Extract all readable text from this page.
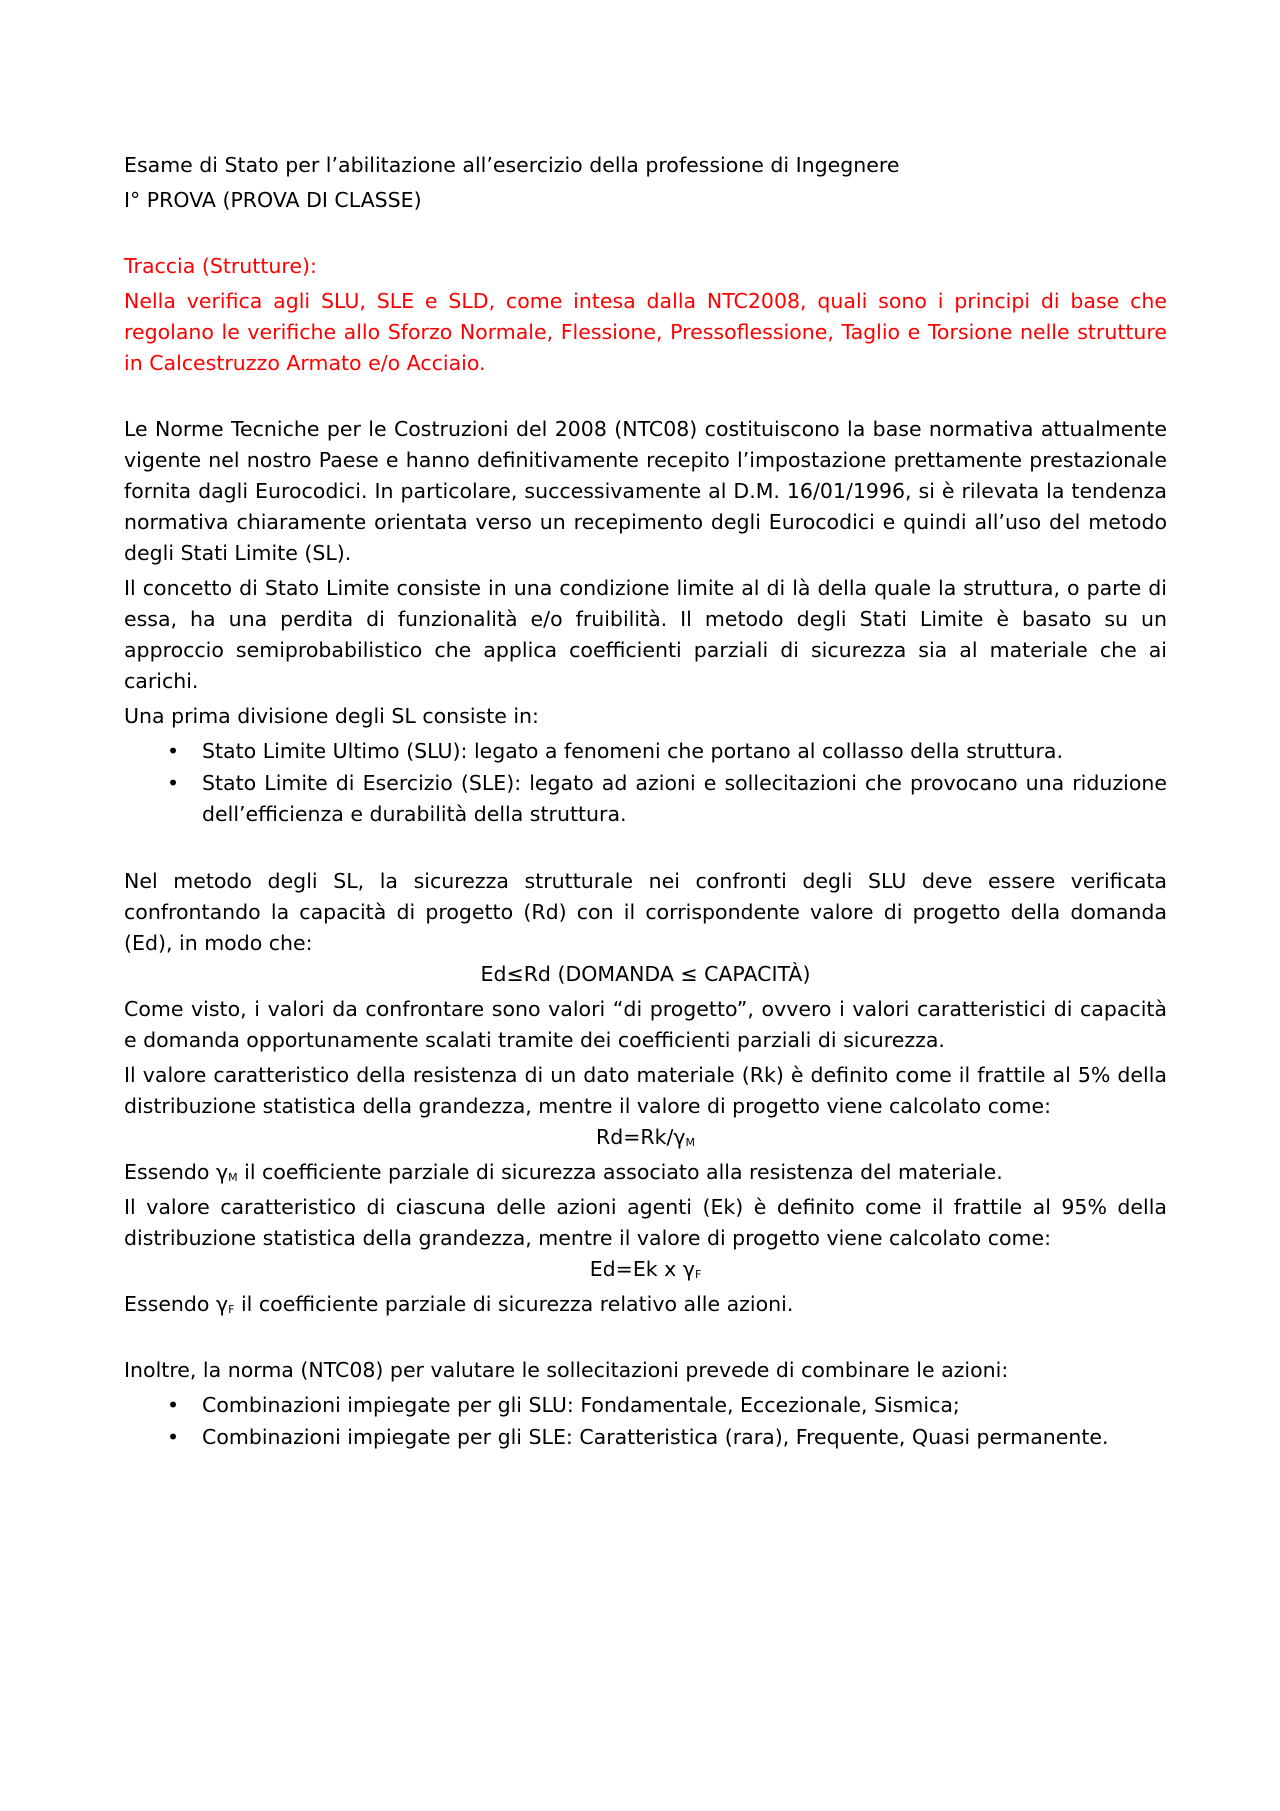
Esame di Stato per l’abilitazione all’esercizio della professione di Ingegnere

I° PROVA (PROVA DI CLASSE)

Traccia (Strutture):

Nella verifica agli SLU, SLE e SLD, come intesa dalla NTC2008, quali sono i principi di base che regolano le verifiche allo Sforzo Normale, Flessione, Pressoflessione, Taglio e Torsione nelle strutture in Calcestruzzo Armato e/o Acciaio.

Le Norme Tecniche per le Costruzioni del 2008 (NTC08) costituiscono la base normativa attualmente vigente nel nostro Paese e hanno definitivamente recepito l’impostazione prettamente prestazionale fornita dagli Eurocodici. In particolare, successivamente al D.M. 16/01/1996, si è rilevata la tendenza normativa chiaramente orientata verso un recepimento degli Eurocodici e quindi all’uso del metodo degli Stati Limite (SL).

Il concetto di Stato Limite consiste in una condizione limite al di là della quale la struttura, o parte di essa, ha una perdita di funzionalità e/o fruibilità. Il metodo degli Stati Limite è basato su un approccio semiprobabilistico che applica coefficienti parziali di sicurezza sia al materiale che ai carichi.

Una prima divisione degli SL consiste in:

• Stato Limite Ultimo (SLU): legato a fenomeni che portano al collasso della struttura.
• Stato Limite di Esercizio (SLE): legato ad azioni e sollecitazioni che provocano una riduzione dell’efficienza e durabilità della struttura.

Nel metodo degli SL, la sicurezza strutturale nei confronti degli SLU deve essere verificata confrontando la capacità di progetto (Rd) con il corrispondente valore di progetto della domanda (Ed), in modo che:

Ed≤Rd (DOMANDA ≤ CAPACITÀ)

Come visto, i valori da confrontare sono valori “di progetto”, ovvero i valori caratteristici di capacità e domanda opportunamente scalati tramite dei coefficienti parziali di sicurezza.

Il valore caratteristico della resistenza di un dato materiale (Rk) è definito come il frattile al 5% della distribuzione statistica della grandezza, mentre il valore di progetto viene calcolato come:

$Rd=Rk/\gamma_M$

Essendo $\gamma_M$ il coefficiente parziale di sicurezza associato alla resistenza del materiale.

Il valore caratteristico di ciascuna delle azioni agenti (Ek) è definito come il frattile al 95% della distribuzione statistica della grandezza, mentre il valore di progetto viene calcolato come:

Ed=Ek x $\gamma_F$

Essendo $\gamma_F$ il coefficiente parziale di sicurezza relativo alle azioni.

Inoltre, la norma (NTC08) per valutare le sollecitazioni prevede di combinare le azioni:

• Combinazioni impiegate per gli SLU: Fondamentale, Eccezionale, Sismica;
• Combinazioni impiegate per gli SLE: Caratteristica (rara), Frequente, Quasi permanente.
